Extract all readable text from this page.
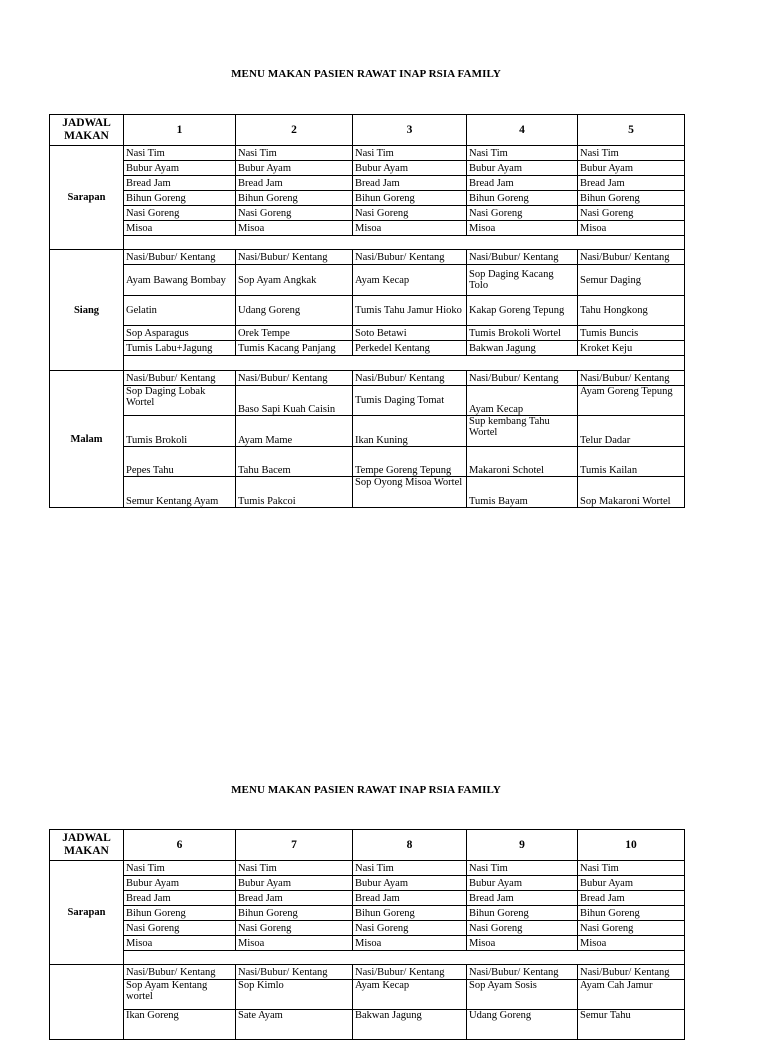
MENU MAKAN PASIEN RAWAT INAP RSIA FAMILY
JADWAL MAKAN	1	2	3	4	5
Sarapan	Nasi Tim	Nasi Tim	Nasi Tim	Nasi Tim	Nasi Tim
	Bubur Ayam	Bubur Ayam	Bubur Ayam	Bubur Ayam	Bubur Ayam
	Bread Jam	Bread Jam	Bread Jam	Bread Jam	Bread Jam
	Bihun Goreng	Bihun Goreng	Bihun Goreng	Bihun Goreng	Bihun Goreng
	Nasi Goreng	Nasi Goreng	Nasi Goreng	Nasi Goreng	Nasi Goreng
	Misoa	Misoa	Misoa	Misoa	Misoa

Siang	Nasi/Bubur/ Kentang	Nasi/Bubur/ Kentang	Nasi/Bubur/ Kentang	Nasi/Bubur/ Kentang	Nasi/Bubur/ Kentang
	Ayam Bawang Bombay	Sop Ayam Angkak	Ayam Kecap	Sop Daging Kacang Tolo	Semur Daging
	Gelatin	Udang Goreng	Tumis Tahu Jamur Hioko	Kakap Goreng Tepung	Tahu Hongkong
	Sop Asparagus	Orek Tempe	Soto Betawi	Tumis Brokoli Wortel	Tumis Buncis
	Tumis Labu+Jagung	Tumis Kacang Panjang	Perkedel Kentang	Bakwan Jagung	Kroket Keju

Malam	Nasi/Bubur/ Kentang	Nasi/Bubur/ Kentang	Nasi/Bubur/ Kentang	Nasi/Bubur/ Kentang	Nasi/Bubur/ Kentang
	Sop Daging Lobak Wortel	Baso Sapi Kuah Caisin	Tumis Daging Tomat	Ayam Kecap	Ayam Goreng Tepung
	Tumis Brokoli	Ayam Mame	Ikan Kuning	Sup kembang Tahu Wortel	Telur Dadar
	Pepes Tahu	Tahu Bacem	Tempe Goreng Tepung	Makaroni Schotel	Tumis Kailan
	Semur Kentang Ayam	Tumis Pakcoi	Sop Oyong Misoa Wortel	Tumis Bayam	Sop Makaroni Wortel
MENU MAKAN PASIEN RAWAT INAP RSIA FAMILY
JADWAL MAKAN	6	7	8	9	10
Sarapan	Nasi Tim	Nasi Tim	Nasi Tim	Nasi Tim	Nasi Tim
	Bubur Ayam	Bubur Ayam	Bubur Ayam	Bubur Ayam	Bubur Ayam
	Bread Jam	Bread Jam	Bread Jam	Bread Jam	Bread Jam
	Bihun Goreng	Bihun Goreng	Bihun Goreng	Bihun Goreng	Bihun Goreng
	Nasi Goreng	Nasi Goreng	Nasi Goreng	Nasi Goreng	Nasi Goreng
	Misoa	Misoa	Misoa	Misoa	Misoa

	Nasi/Bubur/ Kentang	Nasi/Bubur/ Kentang	Nasi/Bubur/ Kentang	Nasi/Bubur/ Kentang	Nasi/Bubur/ Kentang
	Sop Ayam Kentang wortel	Sop Kimlo	Ayam Kecap	Sop Ayam Sosis	Ayam Cah Jamur
	Ikan Goreng	Sate Ayam	Bakwan Jagung	Udang Goreng	Semur Tahu
